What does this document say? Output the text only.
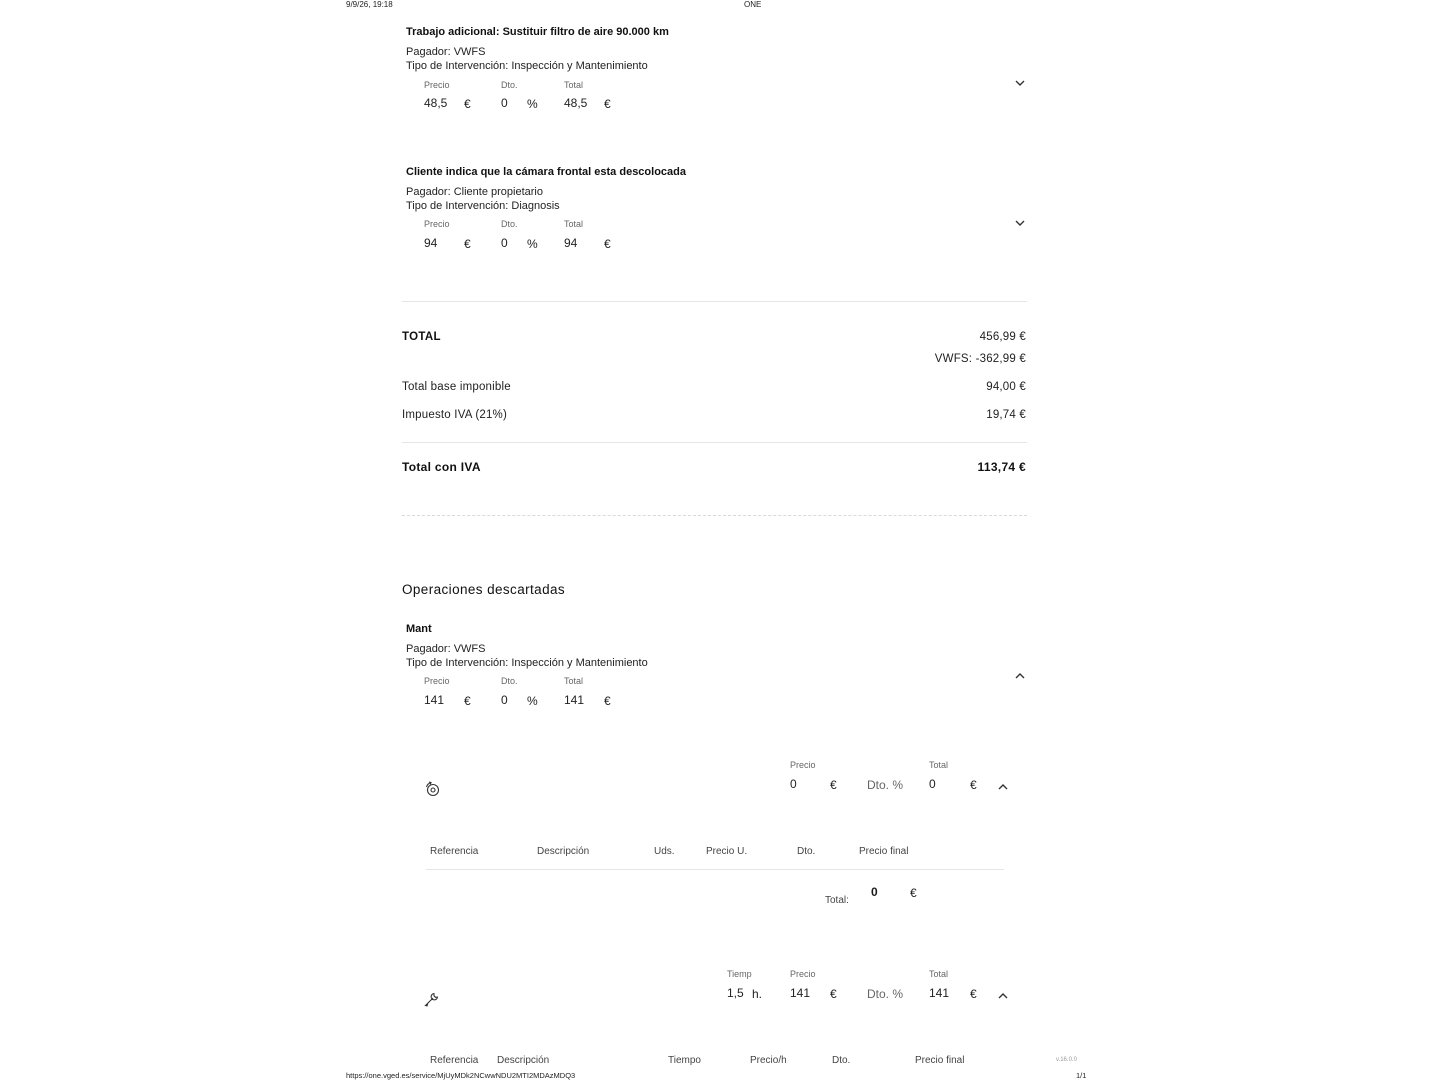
9/9/26, 19:18	ONE
Trabajo adicional: Sustituir filtro de aire 90.000 km
Pagador: VWFS
Tipo de Intervención: Inspección y Mantenimiento
Precio	Dto.	Total
48,5 €	0 % 48,5 €
Cliente indica que la cámara frontal esta descolocada
Pagador: Cliente propietario
Tipo de Intervención: Diagnosis
Precio	Dto.	Total
94 €	0 % 94 €
TOTAL	456,99 €
VWFS: -362,99 €
Total base imponible	94,00 €
Impuesto IVA (21%)	19,74 €
Total con IVA	113,74 €
Operaciones descartadas
Mant
Pagador: VWFS
Tipo de Intervención: Inspección y Mantenimiento
Precio	Dto.	Total
141 €	0 % 141 €
Precio	Total
0	€	Dto. % 0	€
Referencia	Descripción	Uds.	Precio U.	Dto.	Precio final
Total:
0	€
Tiemp	Precio	Total
1,5 h. 141 €	Dto. % 141 €
Referencia Descripción	Tiempo	Precio/h	Dto.	Precio final	v.16.0.0
https://one.vged.es/service/MjUyMDk2NCwwNDU2MTI2MDAzMDQ3	1/1
